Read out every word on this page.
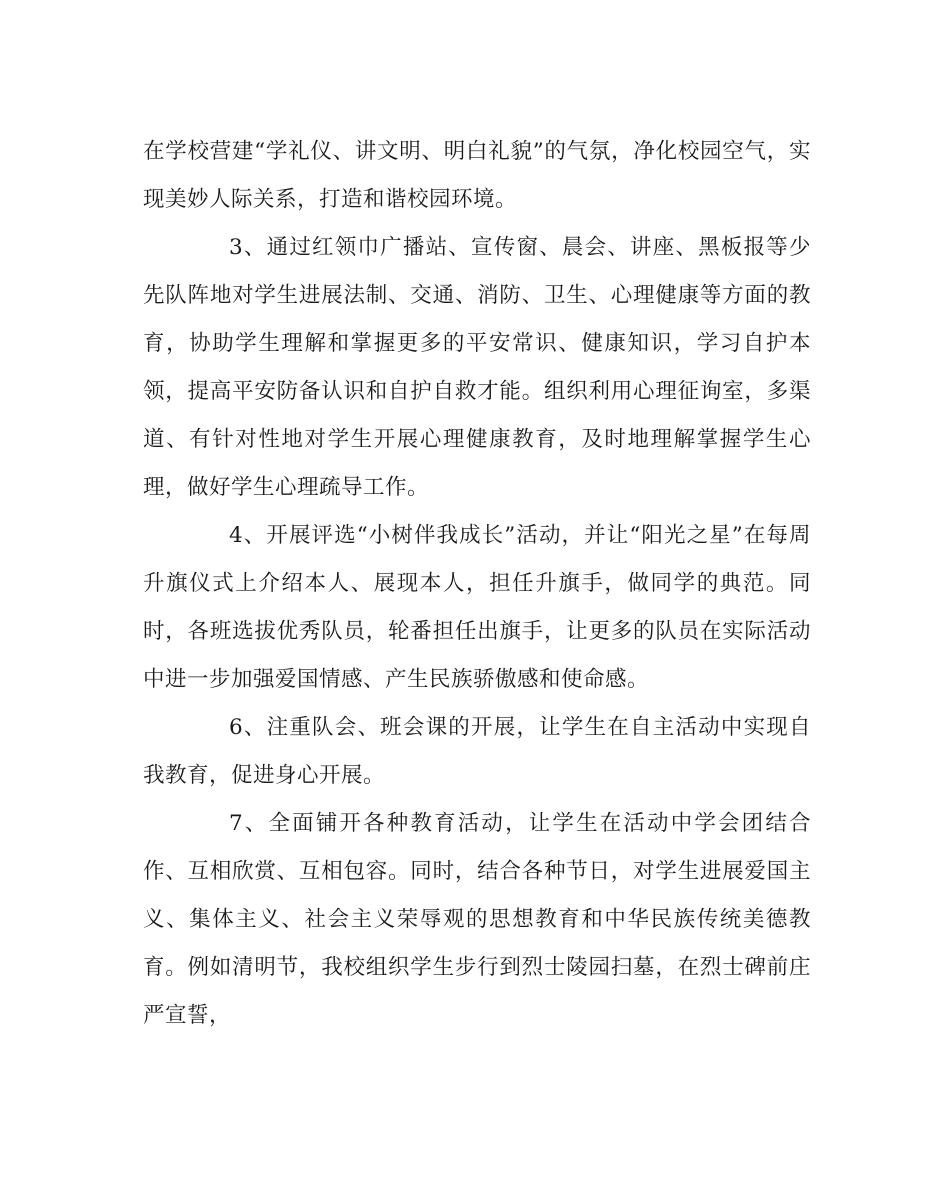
在学校营建“学礼仪、讲文明、明白礼貌”的气氛，净化校园空气，实现美妙人际关系，打造和谐校园环境。

3、通过红领巾广播站、宣传窗、晨会、讲座、黑板报等少先队阵地对学生进展法制、交通、消防、卫生、心理健康等方面的教育，协助学生理解和掌握更多的平安常识、健康知识，学习自护本领，提高平安防备认识和自护自救才能。组织利用心理征询室，多渠道、有针对性地对学生开展心理健康教育，及时地理解掌握学生心理，做好学生心理疏导工作。

4、开展评选“小树伴我成长”活动，并让“阳光之星”在每周升旗仪式上介绍本人、展现本人，担任升旗手，做同学的典范。同时，各班选拔优秀队员，轮番担任出旗手，让更多的队员在实际活动中进一步加强爱国情感、产生民族骄傲感和使命感。

6、注重队会、班会课的开展，让学生在自主活动中实现自我教育，促进身心开展。

7、全面铺开各种教育活动，让学生在活动中学会团结合作、互相欣赏、互相包容。同时，结合各种节日，对学生进展爱国主义、集体主义、社会主义荣辱观的思想教育和中华民族传统美德教育。例如清明节，我校组织学生步行到烈士陵园扫墓，在烈士碑前庄严宣誓，
